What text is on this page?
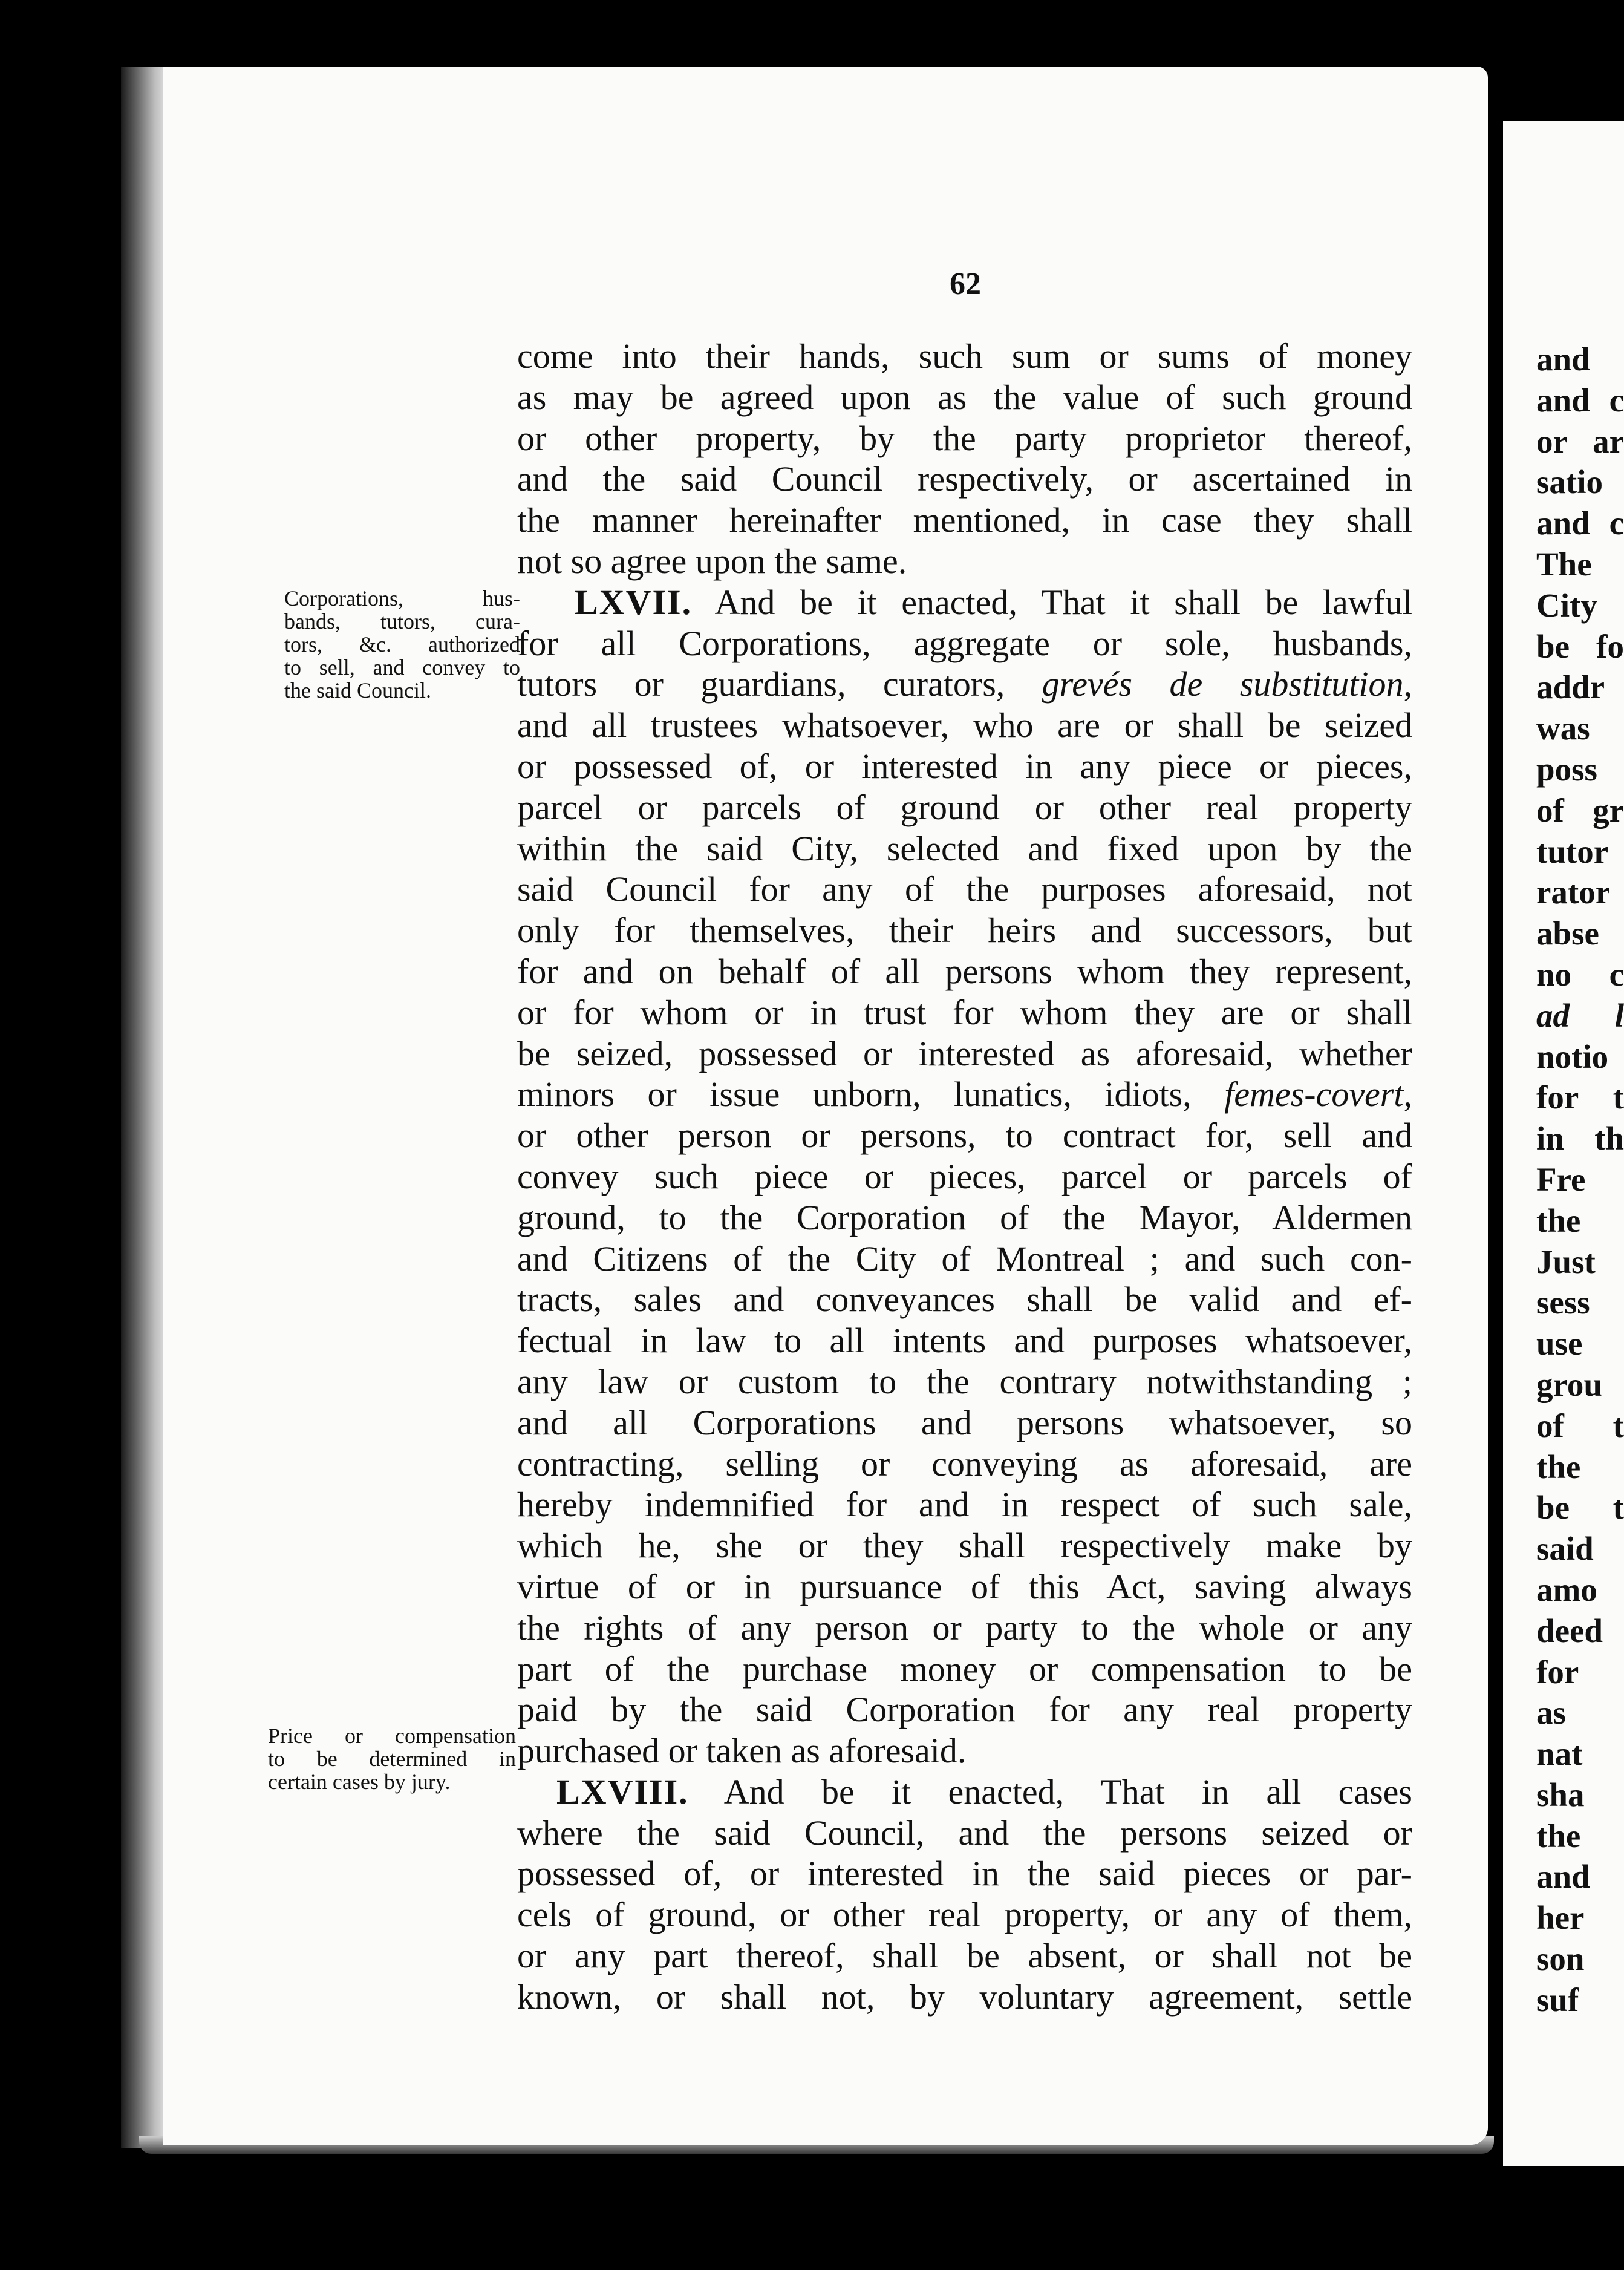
62
Corporations, hus-
bands, tutors, cura-
tors, &c. authorized
to sell, and convey to
the said Council.
Price or compensation
to be determined in
certain cases by jury.
come into their hands, such sum or sums of money
as may be agreed upon as the value of such ground
or other property, by the party proprietor thereof,
and the said Council respectively, or ascertained in
the manner hereinafter mentioned, in case they shall
not so agree upon the same.
LXVII. And be it enacted, That it shall be lawful
for all Corporations, aggregate or sole, husbands,
tutors or guardians, curators, grevés de substitution,
and all trustees whatsoever, who are or shall be seized
or possessed of, or interested in any piece or pieces,
parcel or parcels of ground or other real property
within the said City, selected and fixed upon by the
said Council for any of the purposes aforesaid, not
only for themselves, their heirs and successors, but
for and on behalf of all persons whom they represent,
or for whom or in trust for whom they are or shall
be seized, possessed or interested as aforesaid, whether
minors or issue unborn, lunatics, idiots, femes-covert,
or other person or persons, to contract for, sell and
convey such piece or pieces, parcel or parcels of
ground, to the Corporation of the Mayor, Aldermen
and Citizens of the City of Montreal ; and such con-
tracts, sales and conveyances shall be valid and ef-
fectual in law to all intents and purposes whatsoever,
any law or custom to the contrary notwithstanding ;
and all Corporations and persons whatsoever, so
contracting, selling or conveying as aforesaid, are
hereby indemnified for and in respect of such sale,
which he, she or they shall respectively make by
virtue of or in pursuance of this Act, saving always
the rights of any person or party to the whole or any
part of the purchase money or compensation to be
paid by the said Corporation for any real property
purchased or taken as aforesaid.
LXVIII. And be it enacted, That in all cases
where the said Council, and the persons seized or
possessed of, or interested in the said pieces or par-
cels of ground, or other real property, or any of them,
or any part thereof, shall be absent, or shall not be
known, or shall not, by voluntary agreement, settle
and
and c
or ar
satio
and c
The
City
be fo
addr
was
poss
of gr
tutor
rator
abse
no c
ad l
notio
for t
in th
Fre
the
Just
sess
use
grou
of t
the
be t
said
amo
deed
for
as
nat
sha
the
and
her
son
suf
